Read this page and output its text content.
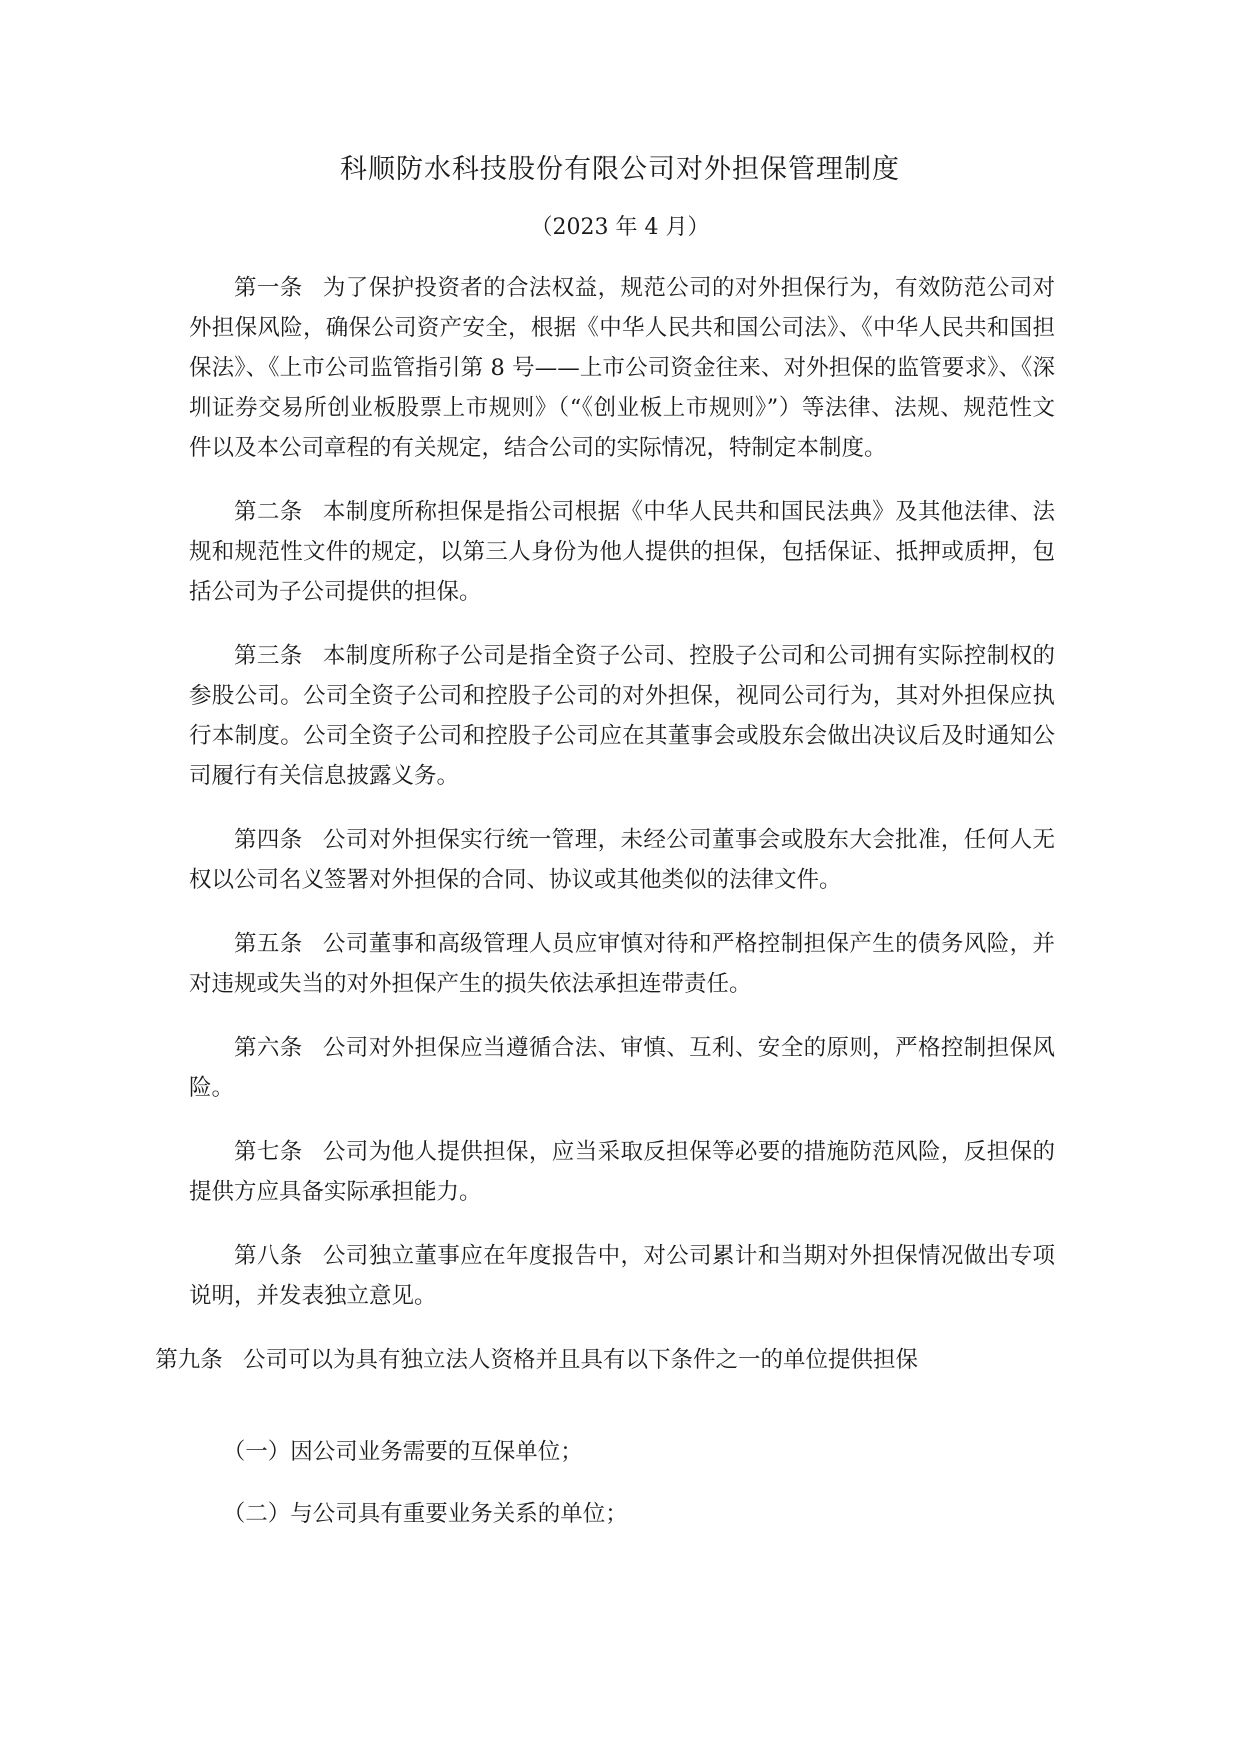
科顺防水科技股份有限公司对外担保管理制度
（2023 年 4 月）

第一条 为了保护投资者的合法权益，规范公司的对外担保行为，有效防范公司对外担保风险，确保公司资产安全，根据《中华人民共和国公司法》、《中华人民共和国担保法》、《上市公司监管指引第 8 号——上市公司资金往来、对外担保的监管要求》、《深圳证券交易所创业板股票上市规则》（“《创业板上市规则》”）等法律、法规、规范性文件以及本公司章程的有关规定，结合公司的实际情况，特制定本制度。

第二条 本制度所称担保是指公司根据《中华人民共和国民法典》及其他法律、法规和规范性文件的规定，以第三人身份为他人提供的担保，包括保证、抵押或质押，包括公司为子公司提供的担保。

第三条 本制度所称子公司是指全资子公司、控股子公司和公司拥有实际控制权的参股公司。公司全资子公司和控股子公司的对外担保，视同公司行为，其对外担保应执行本制度。公司全资子公司和控股子公司应在其董事会或股东会做出决议后及时通知公司履行有关信息披露义务。

第四条 公司对外担保实行统一管理，未经公司董事会或股东大会批准，任何人无权以公司名义签署对外担保的合同、协议或其他类似的法律文件。

第五条 公司董事和高级管理人员应审慎对待和严格控制担保产生的债务风险，并对违规或失当的对外担保产生的损失依法承担连带责任。

第六条 公司对外担保应当遵循合法、审慎、互利、安全的原则，严格控制担保风险。

第七条 公司为他人提供担保，应当采取反担保等必要的措施防范风险，反担保的提供方应具备实际承担能力。

第八条 公司独立董事应在年度报告中，对公司累计和当期对外担保情况做出专项说明，并发表独立意见。

第九条 公司可以为具有独立法人资格并且具有以下条件之一的单位提供担保

（一）因公司业务需要的互保单位；

（二）与公司具有重要业务关系的单位；
